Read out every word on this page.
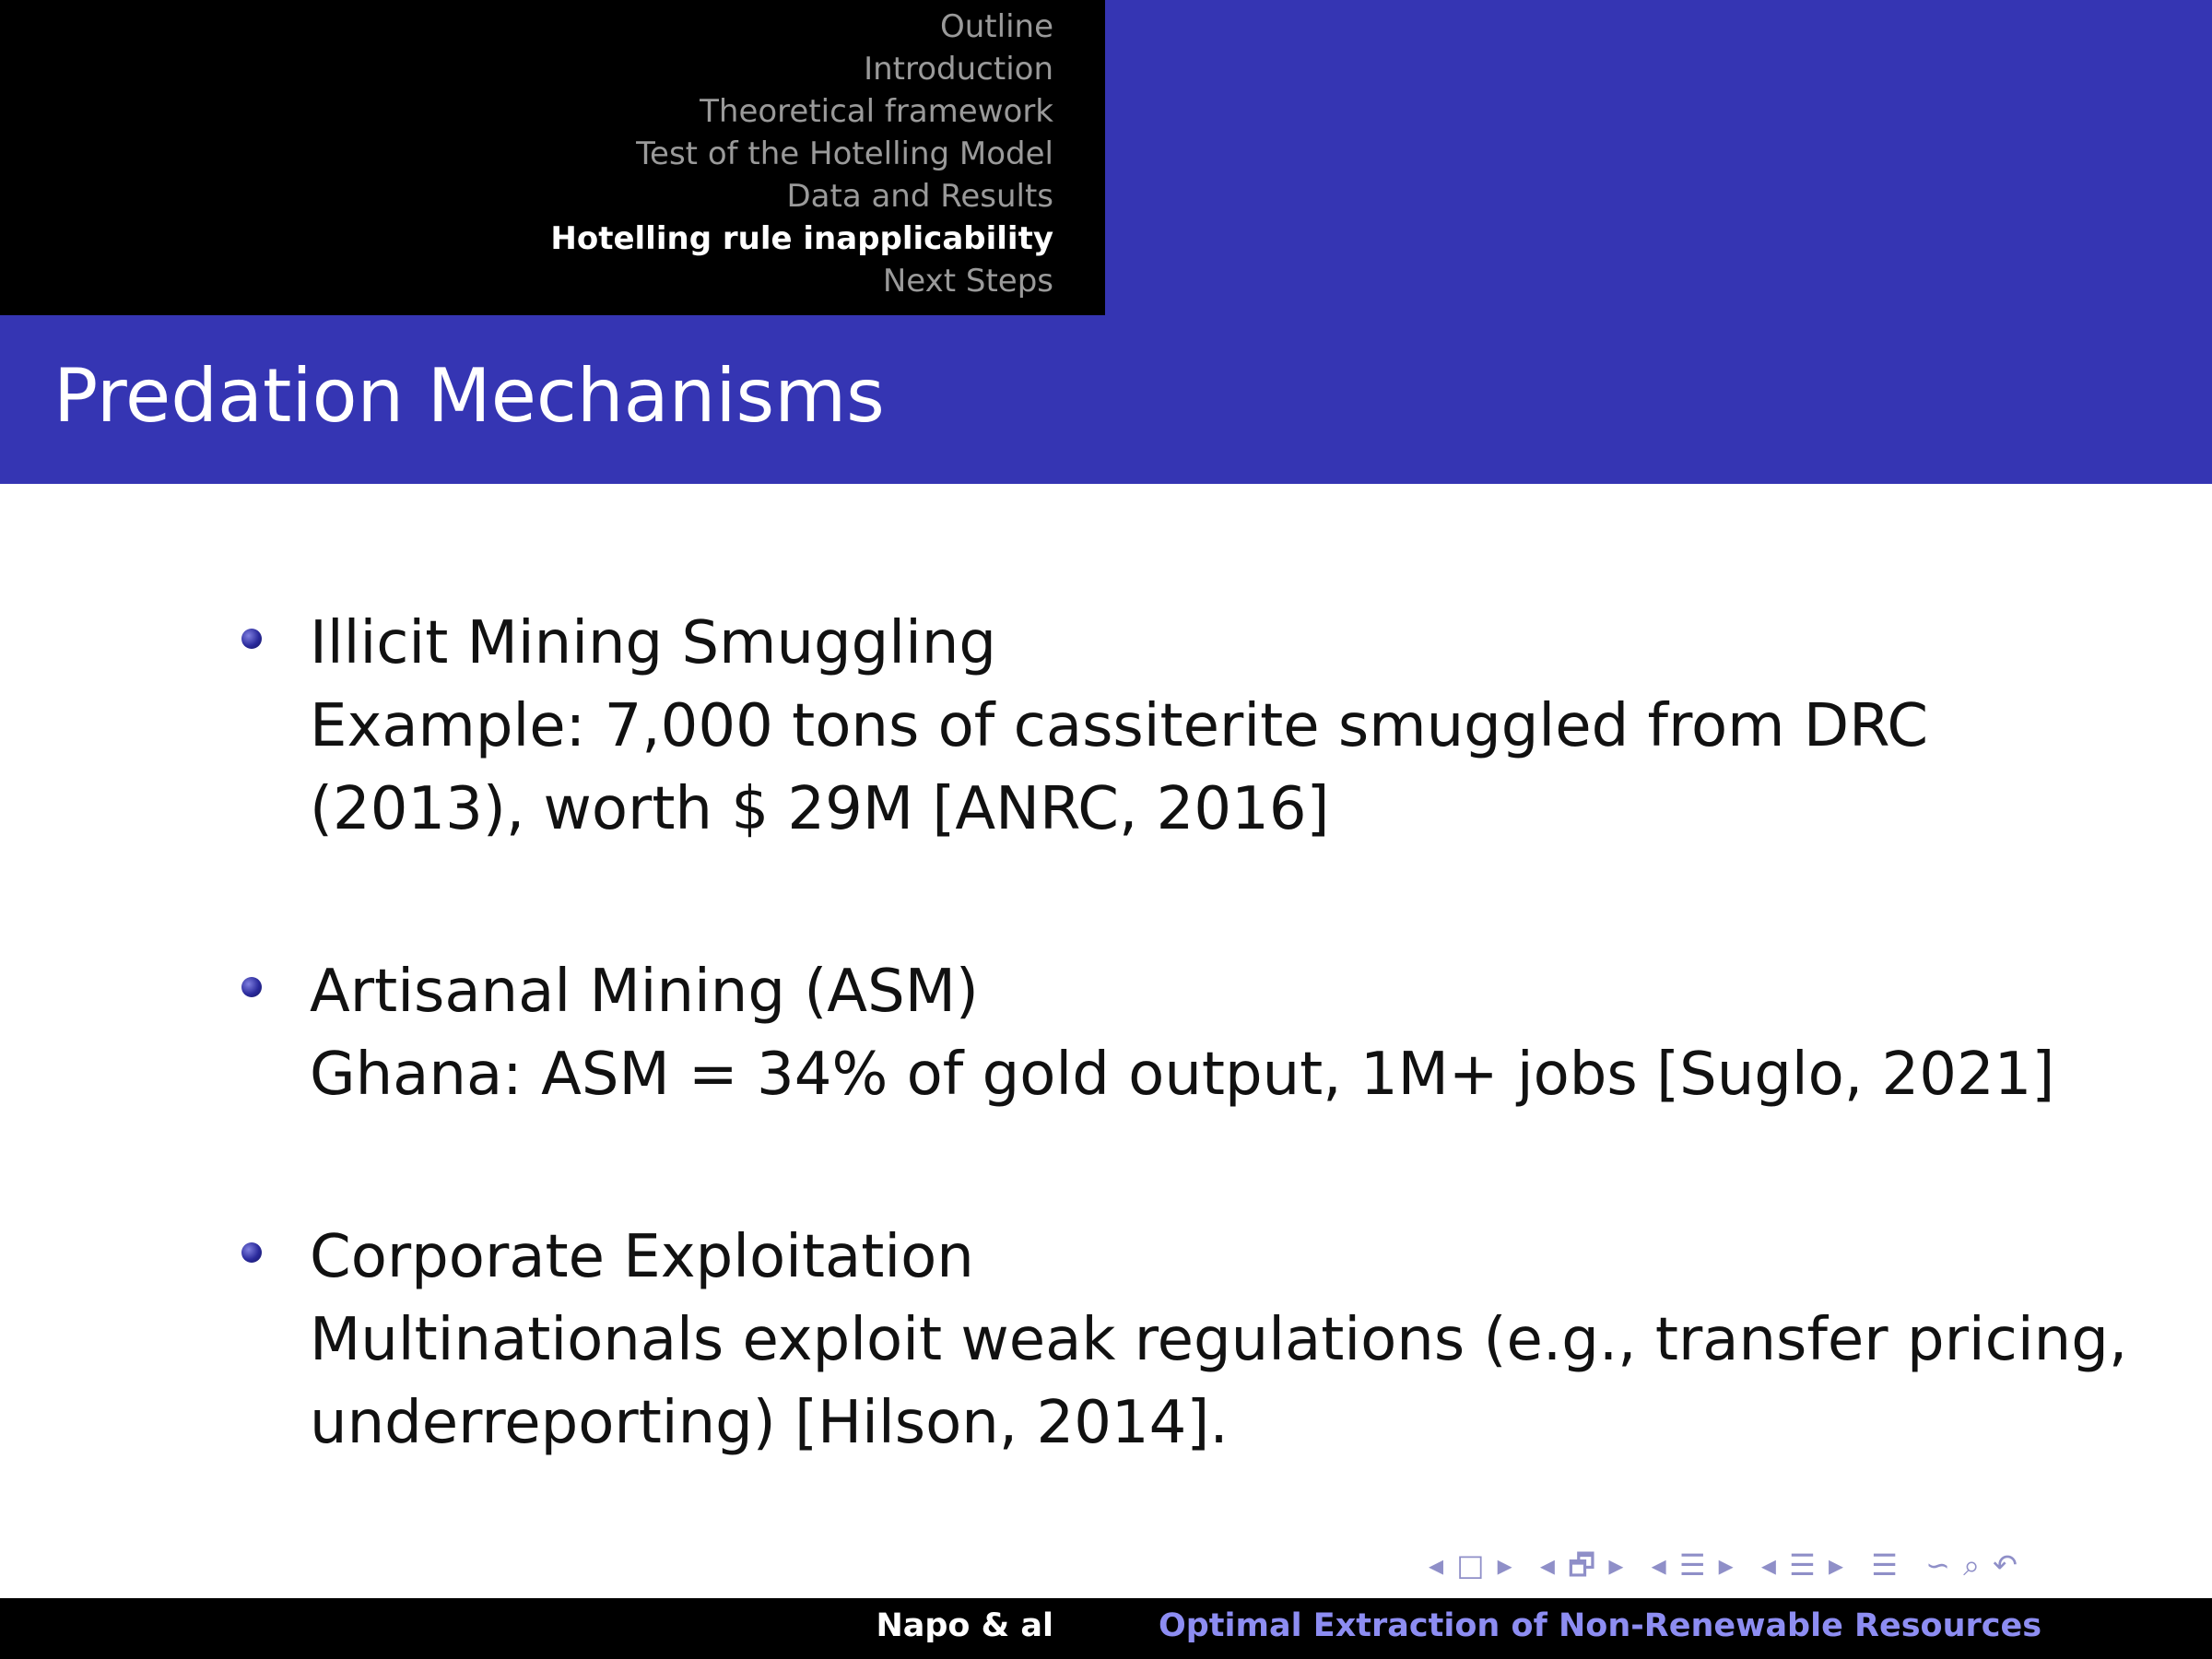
Outline
Introduction
Theoretical framework
Test of the Hotelling Model
Data and Results
Hotelling rule inapplicability
Next Steps
Predation Mechanisms

Illicit Mining Smuggling

Example: 7,000 tons of cassiterite smuggled from DRC

(2013), worth $ 29M [ANRC, 2016]

Artisanal Mining (ASM)

Ghana: ASM = 34% of gold output, 1M+ jobs [Suglo, 2021]

Corporate Exploitation

Multinationals exploit weak regulations (e.g., transfer pricing,

underreporting) [Hilson, 2014].

◂ □ ▸ ◂ 🗗 ▸ ◂ ☰ ▸ ◂ ☰ ▸ ☰ ∽ ⌕ ↶
Napo & al	Optimal Extraction of Non-Renewable Resources
